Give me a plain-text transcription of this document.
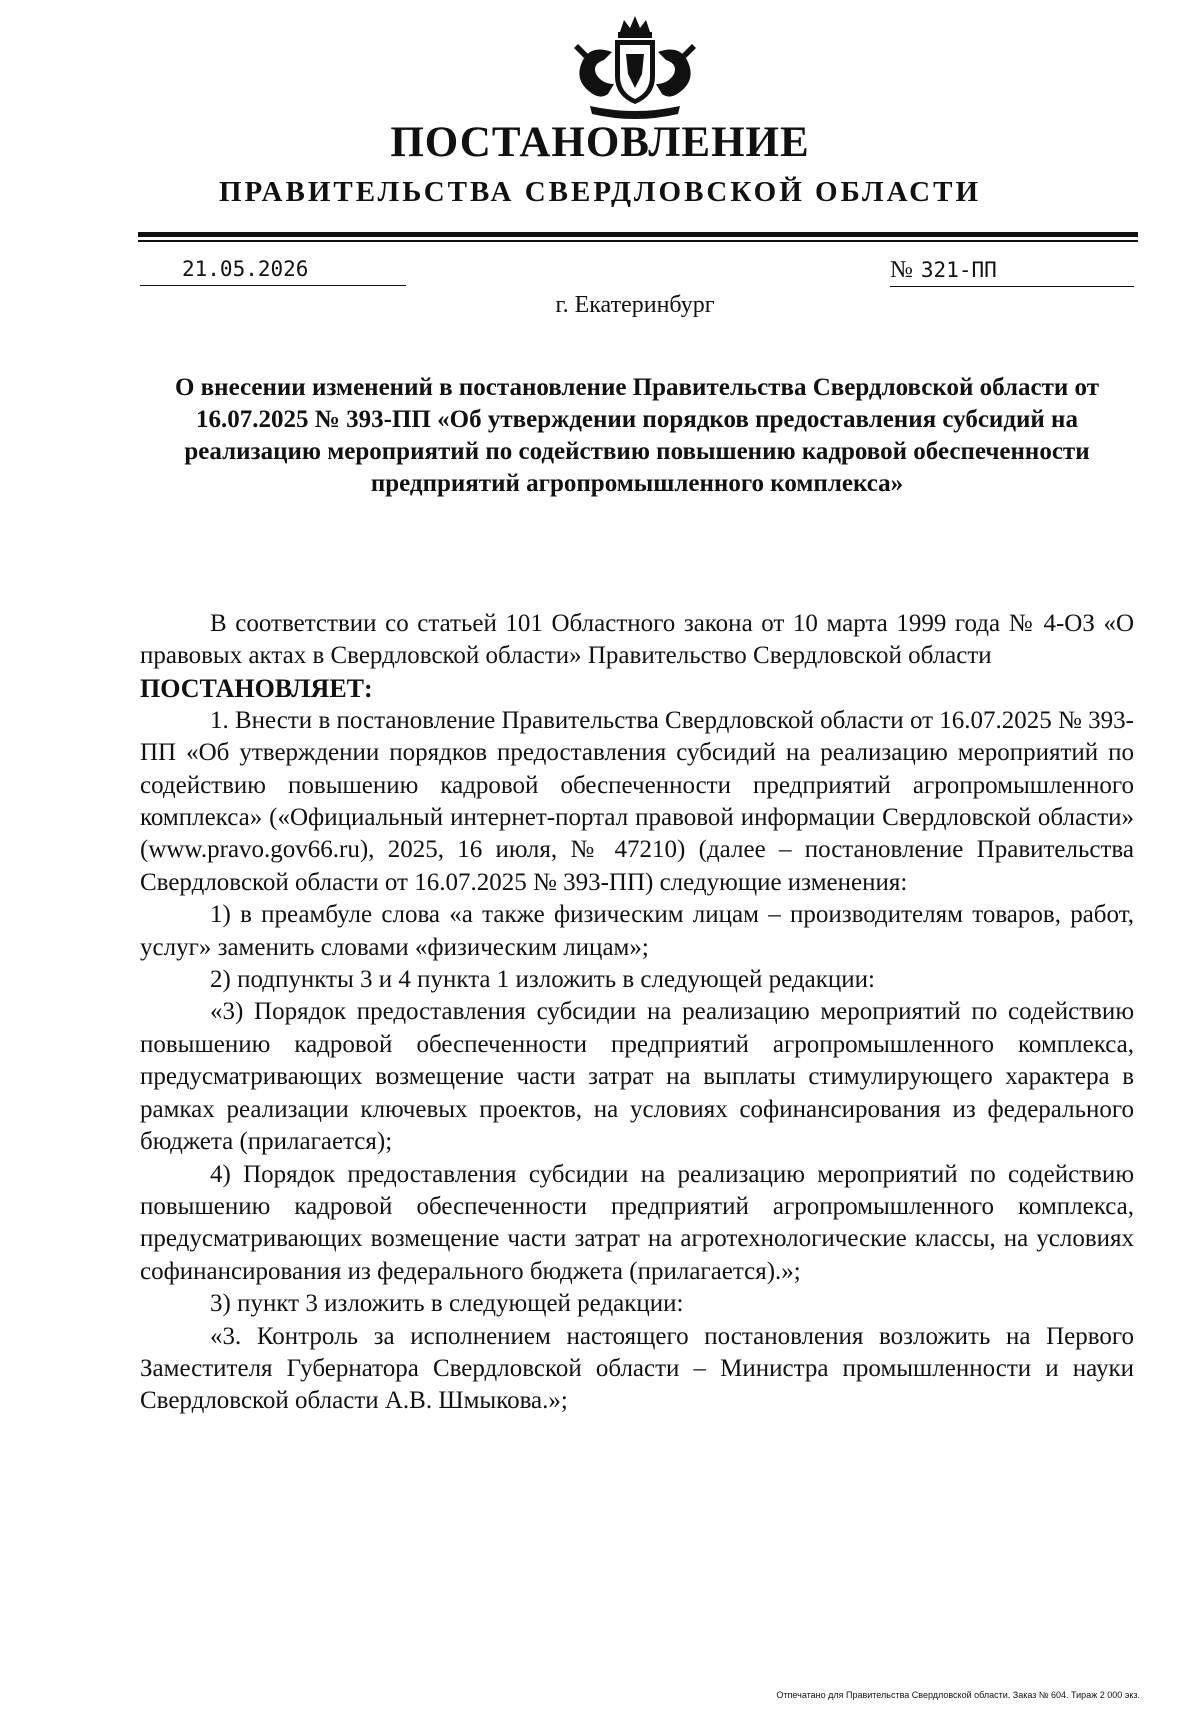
ПОСТАНОВЛЕНИЕ
ПРАВИТЕЛЬСТВА СВЕРДЛОВСКОЙ ОБЛАСТИ
21.05.2026	№ 321-ПП
г. Екатеринбург
О внесении изменений в постановление Правительства Свердловской области от 16.07.2025 № 393-ПП «Об утверждении порядков предоставления субсидий на реализацию мероприятий по содействию повышению кадровой обеспеченности предприятий агропромышленного комплекса»

В соответствии со статьей 101 Областного закона от 10 марта 1999 года № 4-ОЗ «О правовых актах в Свердловской области» Правительство Свердловской области

ПОСТАНОВЛЯЕТ:

1. Внести в постановление Правительства Свердловской области от 16.07.2025 № 393-ПП «Об утверждении порядков предоставления субсидий на реализацию мероприятий по содействию повышению кадровой обеспеченности предприятий агропромышленного комплекса» («Официальный интернет-портал правовой информации Свердловской области» (www.pravo.gov66.ru), 2025, 16 июля, № 47210) (далее – постановление Правительства Свердловской области от 16.07.2025 № 393-ПП) следующие изменения:

1) в преамбуле слова «а также физическим лицам – производителям товаров, работ, услуг» заменить словами «физическим лицам»;

2) подпункты 3 и 4 пункта 1 изложить в следующей редакции:

«3) Порядок предоставления субсидии на реализацию мероприятий по содействию повышению кадровой обеспеченности предприятий агропромышленного комплекса, предусматривающих возмещение части затрат на выплаты стимулирующего характера в рамках реализации ключевых проектов, на условиях софинансирования из федерального бюджета (прилагается);

4) Порядок предоставления субсидии на реализацию мероприятий по содействию повышению кадровой обеспеченности предприятий агропромышленного комплекса, предусматривающих возмещение части затрат на агротехнологические классы, на условиях софинансирования из федерального бюджета (прилагается).»;

3) пункт 3 изложить в следующей редакции:

«3. Контроль за исполнением настоящего постановления возложить на Первого Заместителя Губернатора Свердловской области – Министра промышленности и науки Свердловской области А.В. Шмыкова.»;

Отпечатано для Правительства Свердловской области. Заказ № 604. Тираж 2 000 экз.
